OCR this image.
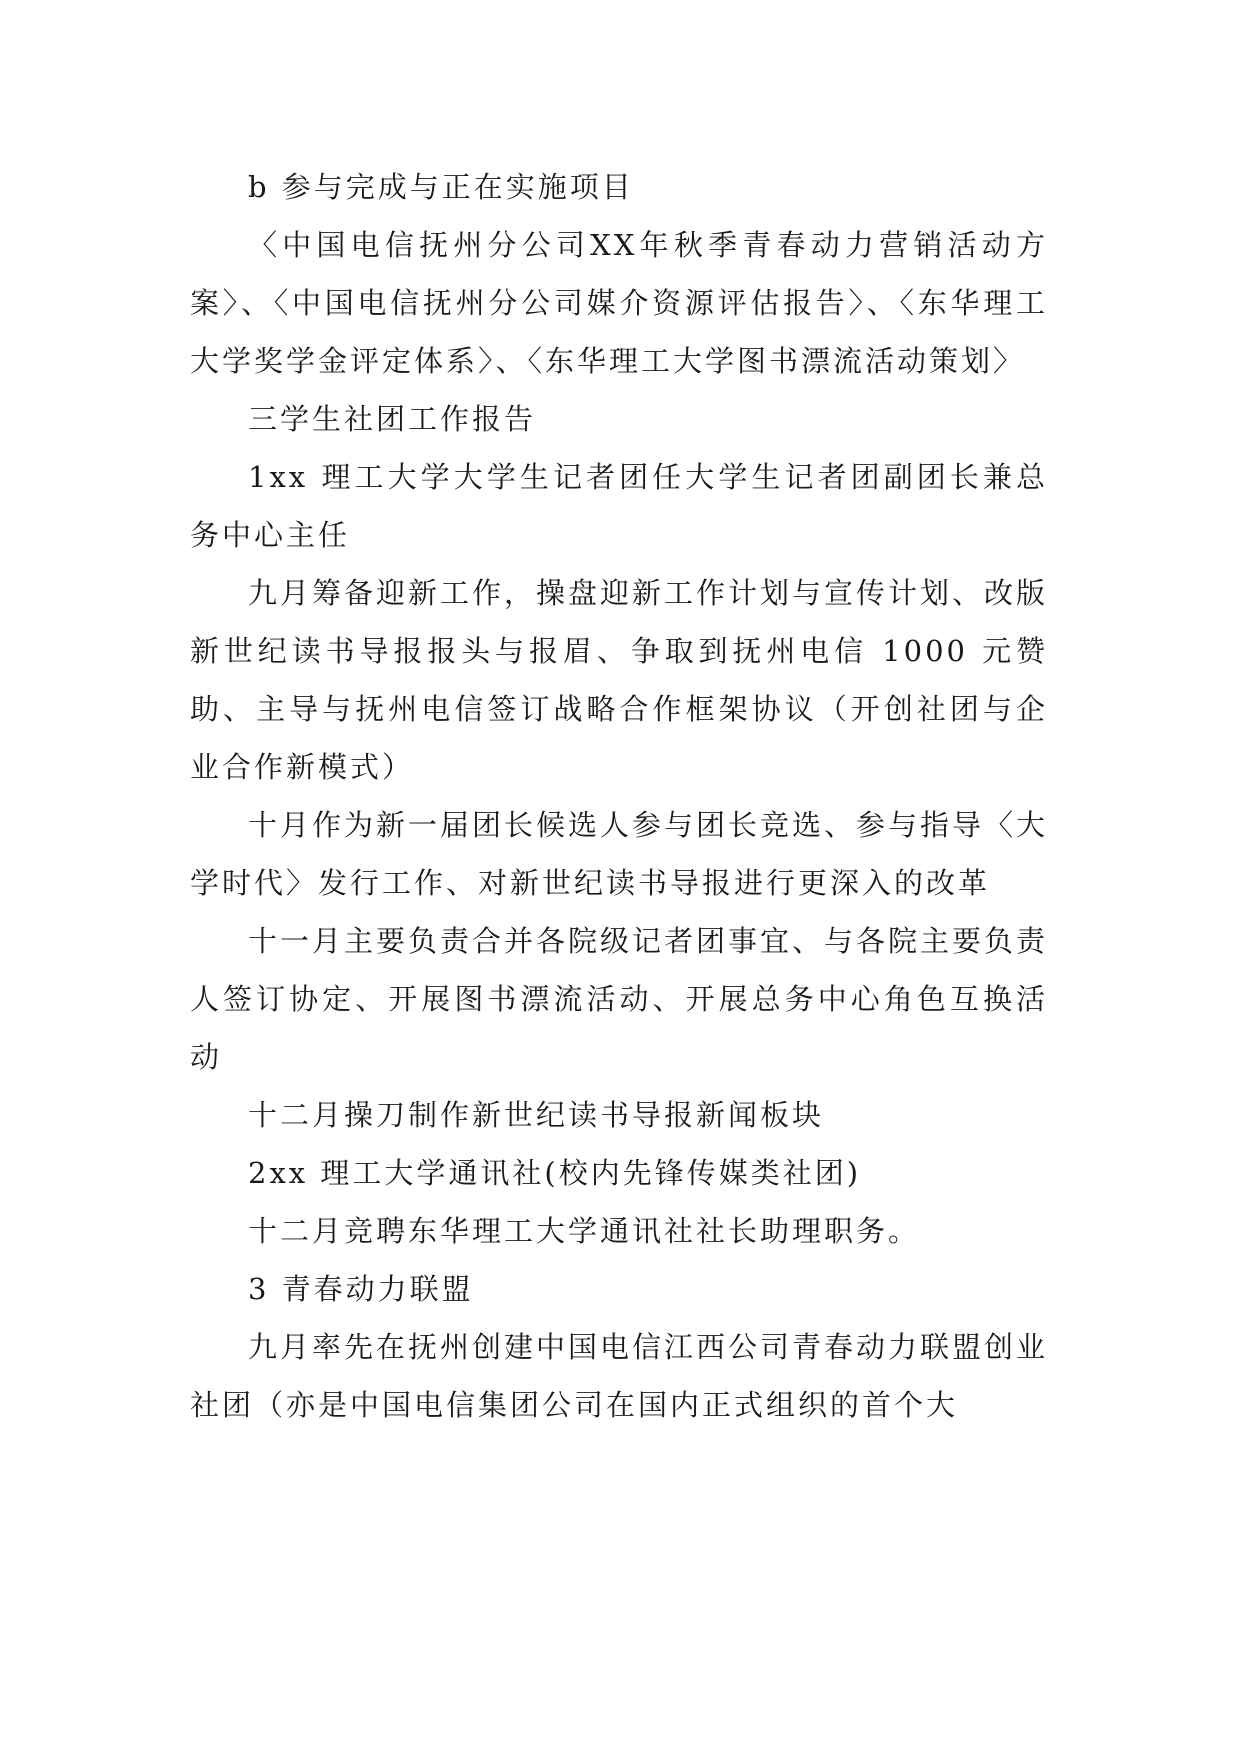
b 参与完成与正在实施项目

〈中国电信抚州分公司XX年秋季青春动力营销活动方案〉、〈中国电信抚州分公司媒介资源评估报告〉、〈东华理工大学奖学金评定体系〉、〈东华理工大学图书漂流活动策划〉

三学生社团工作报告

1xx 理工大学大学生记者团任大学生记者团副团长兼总务中心主任

九月筹备迎新工作，操盘迎新工作计划与宣传计划、改版新世纪读书导报报头与报眉、争取到抚州电信 1000 元赞助、主导与抚州电信签订战略合作框架协议（开创社团与企业合作新模式）

十月作为新一届团长候选人参与团长竞选、参与指导〈大学时代〉发行工作、对新世纪读书导报进行更深入的改革

十一月主要负责合并各院级记者团事宜、与各院主要负责人签订协定、开展图书漂流活动、开展总务中心角色互换活动

十二月操刀制作新世纪读书导报新闻板块

2xx 理工大学通讯社(校内先锋传媒类社团)

十二月竞聘东华理工大学通讯社社长助理职务。

3 青春动力联盟

九月率先在抚州创建中国电信江西公司青春动力联盟创业社团（亦是中国电信集团公司在国内正式组织的首个大
